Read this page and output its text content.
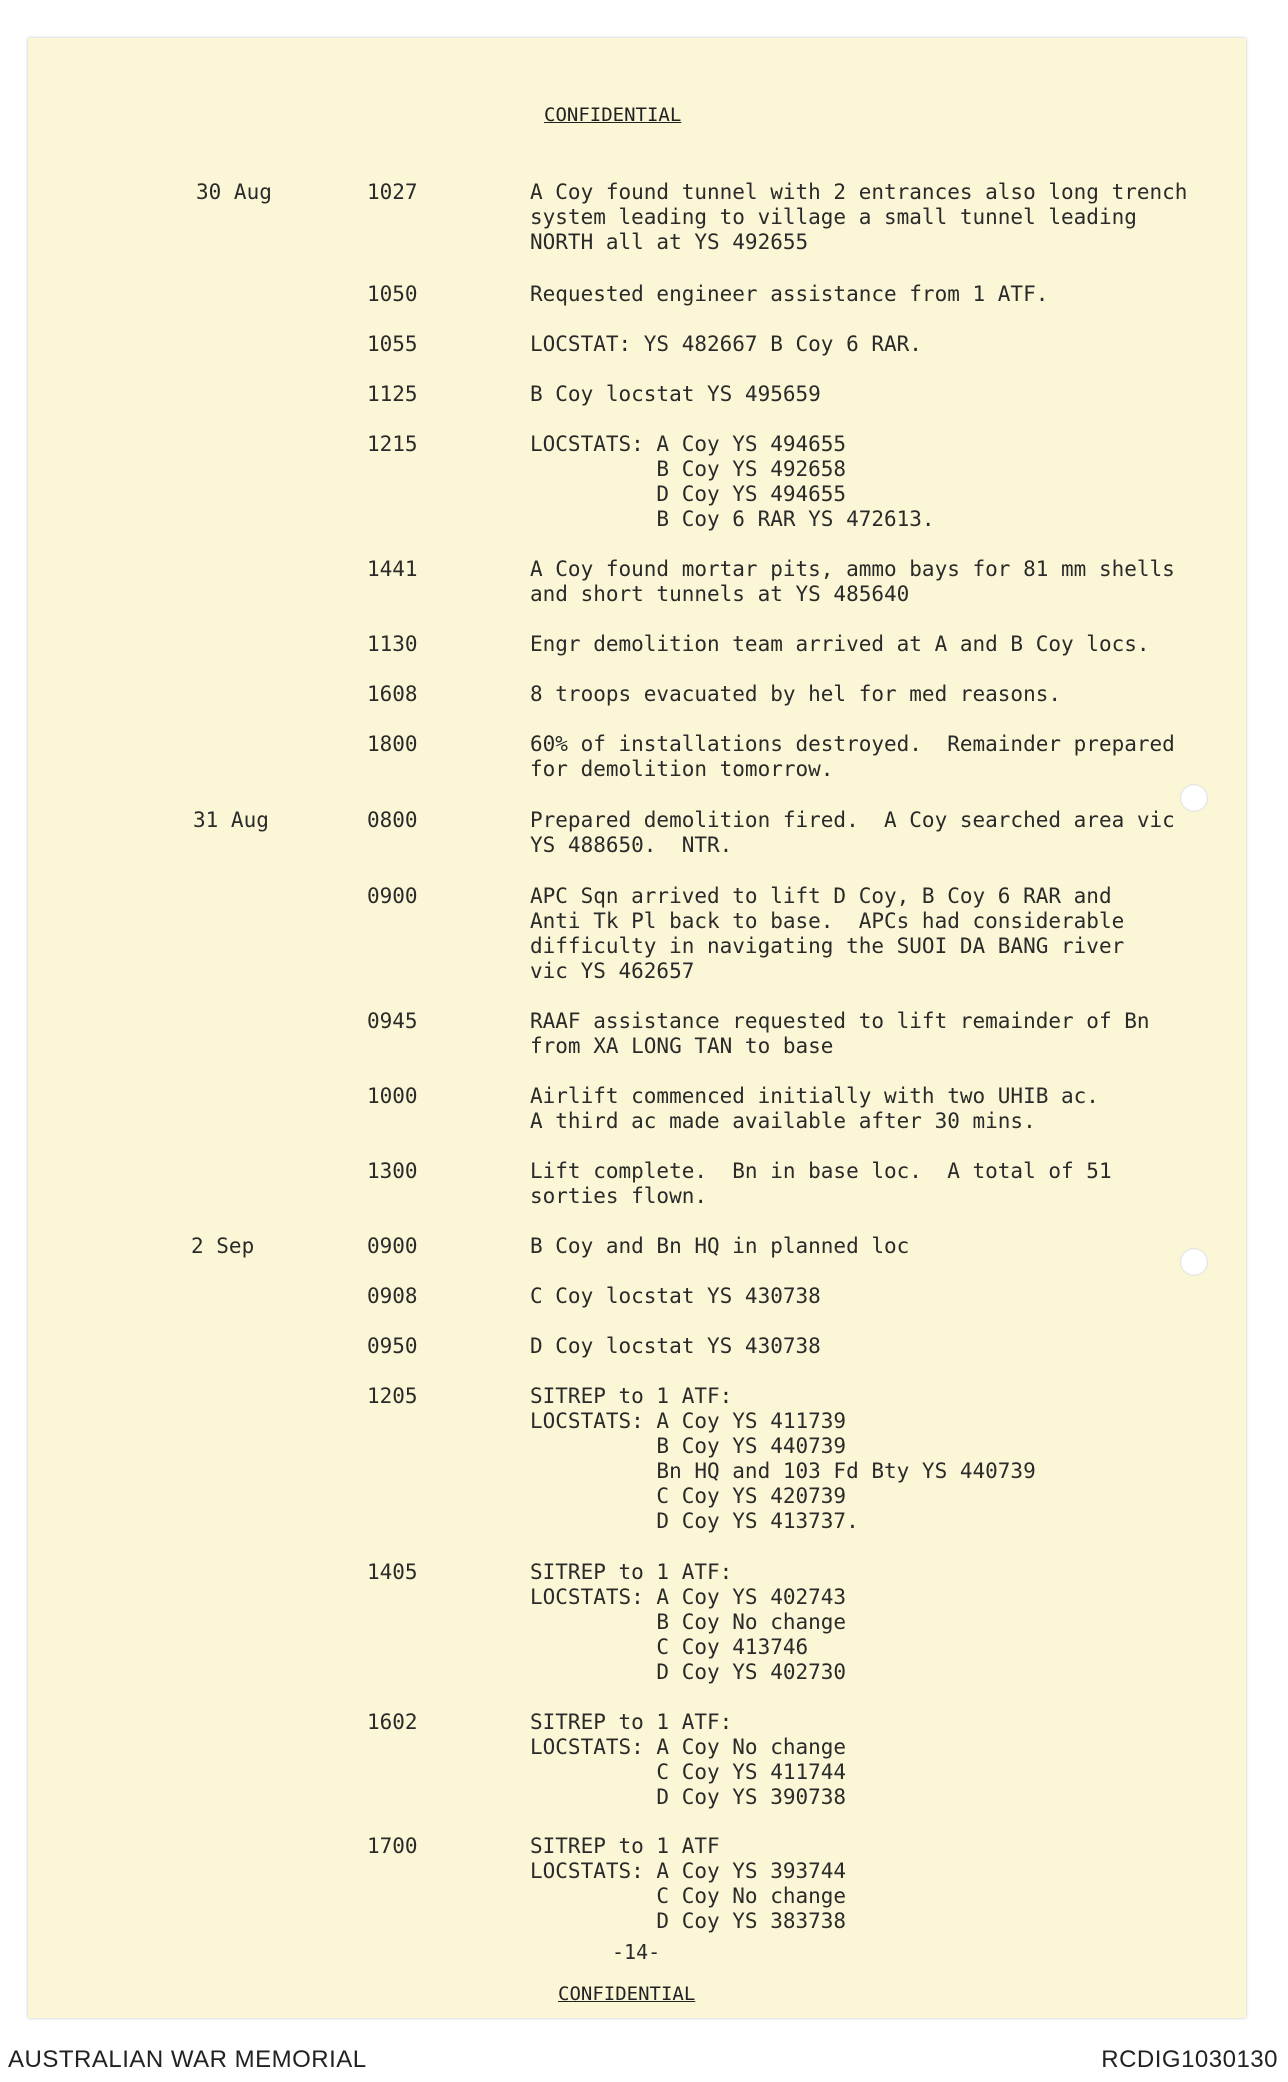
CONFIDENTIAL
30 Aug	1027	A Coy found tunnel with 2 entrances also long trench
system leading to village a small tunnel leading
NORTH all at YS 492655
1050	Requested engineer assistance from 1 ATF.
1055	LOCSTAT: YS 482667 B Coy 6 RAR.
1125	B Coy locstat YS 495659
1215	LOCSTATS: A Coy YS 494655
B Coy YS 492658
D Coy YS 494655
B Coy 6 RAR YS 472613.
1441	A Coy found mortar pits, ammo bays for 81 mm shells
and short tunnels at YS 485640
1130	Engr demolition team arrived at A and B Coy locs.
1608	8 troops evacuated by hel for med reasons.
1800	60% of installations destroyed.  Remainder prepared
for demolition tomorrow.
31 Aug	0800	Prepared demolition fired.  A Coy searched area vic
YS 488650.  NTR.
0900	APC Sqn arrived to lift D Coy, B Coy 6 RAR and
Anti Tk Pl back to base.  APCs had considerable
difficulty in navigating the SUOI DA BANG river
vic YS 462657
0945	RAAF assistance requested to lift remainder of Bn
from XA LONG TAN to base
1000	Airlift commenced initially with two UHIB ac.
A third ac made available after 30 mins.
1300	Lift complete.  Bn in base loc.  A total of 51
sorties flown.
2 Sep	0900	B Coy and Bn HQ in planned loc
0908	C Coy locstat YS 430738
0950	D Coy locstat YS 430738
1205	SITREP to 1 ATF:
LOCSTATS: A Coy YS 411739
B Coy YS 440739
Bn HQ and 103 Fd Bty YS 440739
C Coy YS 420739
D Coy YS 413737.
1405	SITREP to 1 ATF:
LOCSTATS: A Coy YS 402743
B Coy No change
C Coy 413746
D Coy YS 402730
1602	SITREP to 1 ATF:
LOCSTATS: A Coy No change
C Coy YS 411744
D Coy YS 390738
1700	SITREP to 1 ATF
LOCSTATS: A Coy YS 393744
C Coy No change
D Coy YS 383738
-14-
CONFIDENTIAL
AUSTRALIAN WAR MEMORIAL	RCDIG1030130
